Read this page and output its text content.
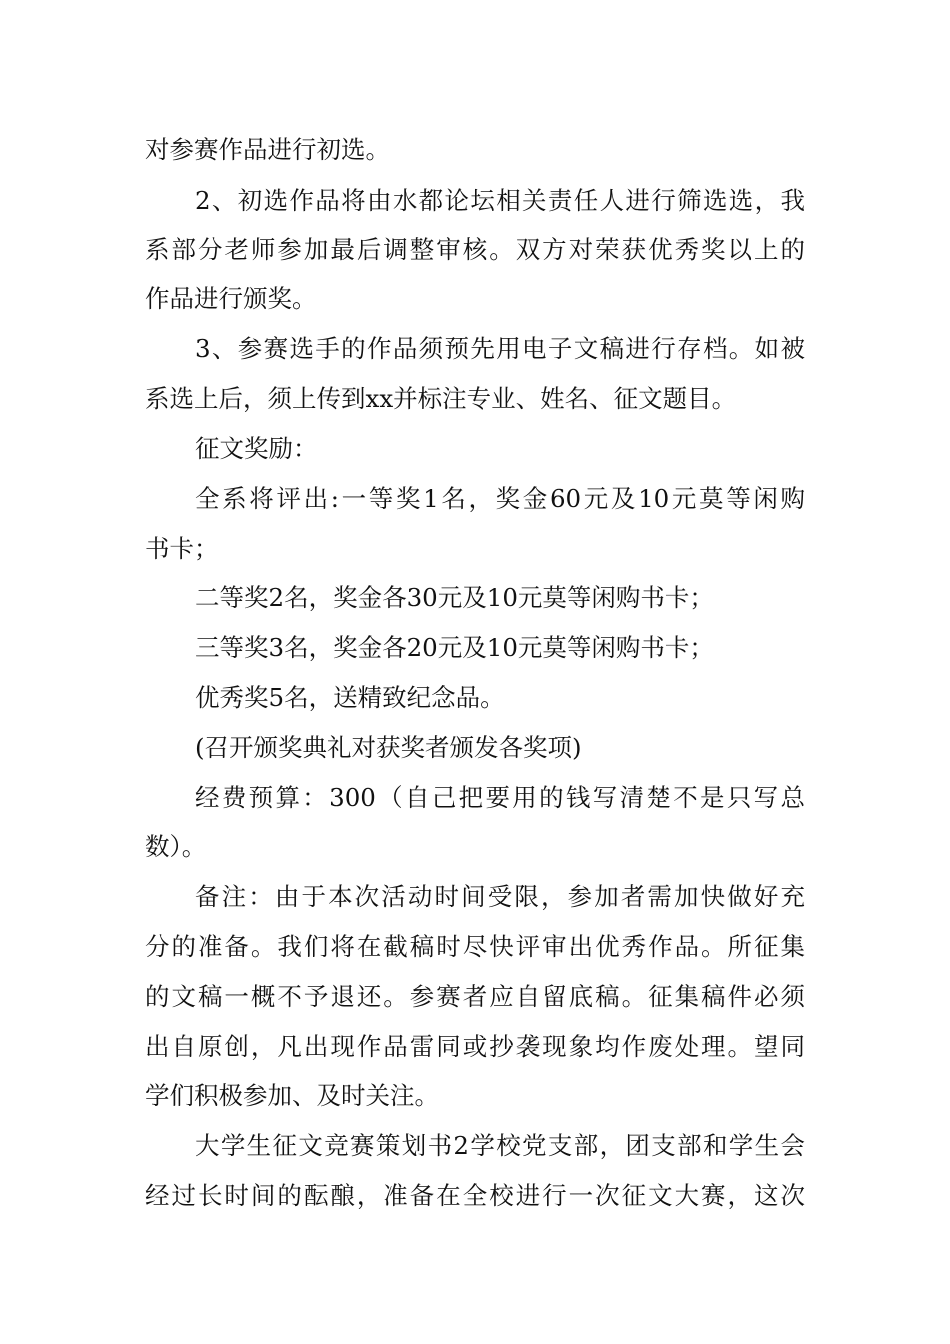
对参赛作品进行初选。

2、初选作品将由水都论坛相关责任人进行筛选选，我

系部分老师参加最后调整审核。双方对荣获优秀奖以上的

作品进行颁奖。

3、参赛选手的作品须预先用电子文稿进行存档。如被

系选上后，须上传到xx并标注专业、姓名、征文题目。

征文奖励：

全系将评出:一等奖1名，奖金60元及10元莫等闲购

书卡；

二等奖2名，奖金各30元及10元莫等闲购书卡；

三等奖3名，奖金各20元及10元莫等闲购书卡；

优秀奖5名，送精致纪念品。

(召开颁奖典礼对获奖者颁发各奖项)

经费预算：300（自己把要用的钱写清楚不是只写总

数）。

备注：由于本次活动时间受限，参加者需加快做好充

分的准备。我们将在截稿时尽快评审出优秀作品。所征集

的文稿一概不予退还。参赛者应自留底稿。征集稿件必须

出自原创，凡出现作品雷同或抄袭现象均作废处理。望同

学们积极参加、及时关注。

大学生征文竞赛策划书2学校党支部，团支部和学生会

经过长时间的酝酿，准备在全校进行一次征文大赛，这次
